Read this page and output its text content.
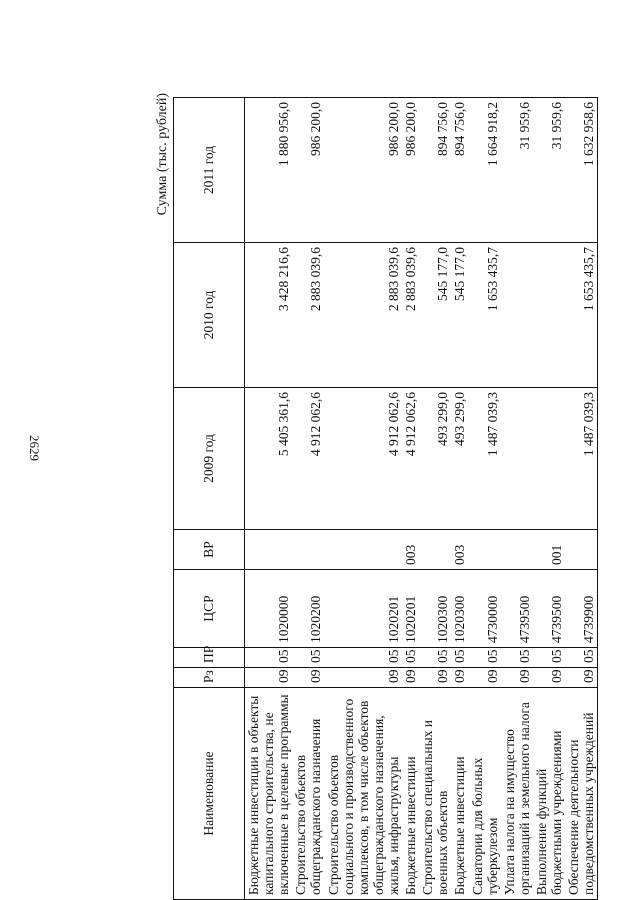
2629
Сумма (тыс. рублей)
Наименование	Рз	ПР	ЦСР	ВР	2009 год	2010 год	2011 год
Бюджетные инвестиции в объекты капитального строительства, не включенные в целевые программы	09	05	1020000		5 405 361,6	3 428 216,6	1 880 956,0
Строительство объектов общегражданского назначения	09	05	1020200		4 912 062,6	2 883 039,6	986 200,0
Строительство объектов социального и производственного комплексов, в том числе объектов общегражданского назначения, жилья, инфраструктуры	09	05	1020201		4 912 062,6	2 883 039,6	986 200,0
Бюджетные инвестиции	09	05	1020201	003	4 912 062,6	2 883 039,6	986 200,0
Строительство специальных и военных объектов	09	05	1020300		493 299,0	545 177,0	894 756,0
Бюджетные инвестиции	09	05	1020300	003	493 299,0	545 177,0	894 756,0
Санатории для больных туберкулезом	09	05	4730000		1 487 039,3	1 653 435,7	1 664 918,2
Уплата налога на имущество организаций и земельного налога	09	05	4739500				31 959,6
Выполнение функций бюджетными учреждениями	09	05	4739500	001			31 959,6
Обеспечение деятельности подведомственных учреждений	09	05	4739900		1 487 039,3	1 653 435,7	1 632 958,6
